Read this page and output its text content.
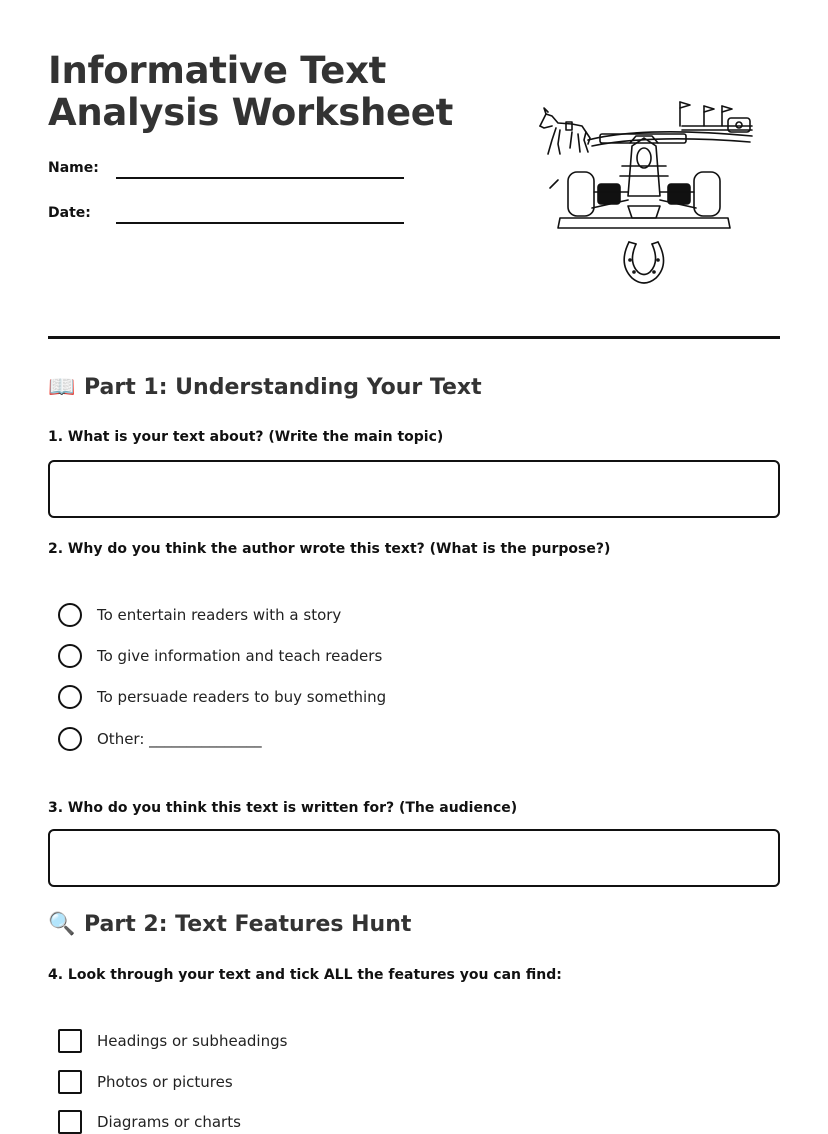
Informative Text
Analysis Worksheet
Name:
Date:
📖 Part 1: Understanding Your Text
1. What is your text about? (Write the main topic)
2. Why do you think the author wrote this text? (What is the purpose?)
To entertain readers with a story
To give information and teach readers
To persuade readers to buy something
Other: _______________
3. Who do you think this text is written for? (The audience)
🔍 Part 2: Text Features Hunt
4. Look through your text and tick ALL the features you can find:
Headings or subheadings
Photos or pictures
Diagrams or charts
